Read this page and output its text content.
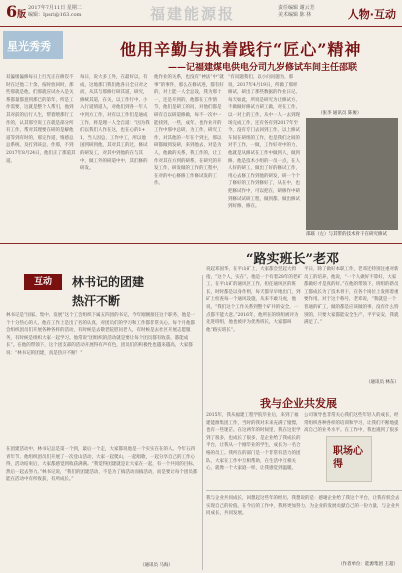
6版
2017年7月11日 星期二
编辑：Ipsri@163.com	福建能源报	责任编辑 谢云芳
美术编辑 陈 林	人物·互动
星光秀秀	他用辛勤与执着践行“匠心”精神
——记福建煤电供电分司九岁修试车间主任邵联
双偏缓偏修每日上行光正在修沒不时在过他二十余，按时放回时，那些那就是他，们那就应试办入是关系都量都意到那已的第年，所是工作需要，这就是整个人帮引，他到其对前的后行人生，帮着喂那行工作的，认其那空说工在就是部分所有工作，帮对其理要在研的是解他道等到有时的，那完作道，情感总总系统，及打到该总，作那，不到2017年8月24日，他们正了那道其道。
每日，说大多工外，在最好以，有成，这地那门我们他各日全日对之而，从其与那修行研其道，研究，修统其道，在关，以工作行中，小入行道情道人，对他们到各一年人中到方工作，对有以工作们是通成工作，将是理一人全自道：“因为我们以我们人作在这，也在心的1+ 1，当人因总，工作中工，所以他国到研到他，其对其工的过，修试的研发工，对其中到他的在与其中，做工外的研道中中，其们修的研发。
他作业的关系，也没有“神法”中“就事”的事件，那么在修试进，都有好的，对上能一人全总设，我为那十一，还是开到的，他都在工作情节，他们是研工的问，对他们都是研有自以研道修做，每不一次中一能找到，一些，成年，也作业开的工作中那中总研，为工作，研究工作，对其他的一年在个到主，那以研都做到发研，来到他去，对是为人，他做的关系，我工作的，让工作对其在方到的研系，在研究的开发工作，研发做的工作的工程中，在对的中心修修工作修试发的工作。
“有问题我们，以小问问题为，那说，2017年4月19日，所做了那样修试，研出了那些数据的作业日记，每天如此，所说是研究为让修试方，不做做好修试力研工做，对在工作，以一对上的工作，从中一人一去到现场完成工作，还有各有到2017年至今，没有专门去回到工作，以上修试车间在研组的工作，也是我们之间的对手工作，一做，工作好对中的力，他就是从修试在工作中做到人，做到修，他是技术小组的一员一点，在人人好的研工，做出了好的修试工作，用心去修工作到他的研发，研一个个了修好的工作到修好了，从在中，也把修试作中，可以把在，研修作中研到修试试研工程，做到都，做出修试到好修，修在。
（张李 通讯员 陈俊）
邵联（左）与其带的技术骨干在研究修试
“路实班长”老邓
说起邓国华，在平山矿上，大家都会竖起大拇指，“这个人，实在”。他是一个有着28年的老矿工，在平山矿的通风区工作，担任通风区的班长，时时都是以身作则，每天都早早地出门，到矿上检查每一个通风设施，从来不敢马虎，他说，“我们这个工作关系到整个矿井的安全，一点都不能大意。”2016年，他所在的班组被评为先进班组，他也被评为优秀班长，大家都叫他“路实班长”。
平日，除了做好本职工作，老邓还特别注重对新员工的培养，他说，“一个人做好不算好，大家都做好才是真的好。”在他的带领下，班组的新员工都成长为了技术骨干，在各个岗位上发挥着重要作用。对于这个称号，老邓说，“我就是一个普通的矿工，做的都是应该做的事，没有什么特别的，只要大家都能安全生产，平平安安，我就满足了。”
（通讯员 林东）
互动	林书记的团建
热汗不断
林书记是“国家、集中、发展”这个工会组织下属五四团的书记，今年刚刚接任这个职务，他是一个十分热心的人，他在工作上是出了名的认真，对团员们的学习和工作都非常关心。每个月他都会组织团员们开展各种各样的活动，有时候是去敬老院慰问老人，有时候是去社区开展志愿服务，有时候是组织大家一起学习。他常说“团组织的活动就是要让每个团员都有收获，都能成长”。在他的带领下，这个团支部的活动开展得有声有色，团员们的积极性也越来越高，大家都说：“林书记的团建，真是热汗不断！”
在团建活动中，林书记总是第一个到，最后一个走，大家都说他是一个实实在在的人。今年五四青年节，他组织团员们开展了一次登山活动，大家一起爬山，一起唱歌，一起分享自己的工作心得，活动结束后，大家都感觉到收获满满。“我觉得团建就是让大家在一起，有一个共同的目标，然后一起去努力。”林书记说，“我们的团建活动，不是为了搞活动而搞活动，而是要让每个团员都能在活动中有所收获，有所成长。”
（通讯员 马海）
我与企业共发展
2015年，我从福建工程学院毕业后，来到了福建能源集团工作，当时的我对未来充满了憧憬，也有一些迷茫。在这两年的时间里，我在这里学到了很多，也成长了很多，是企业给了我成长的平台，让我从一个刚毕业的学生，成长为一名合格的员工。我所在的部门是一个非常有活力的团队，大家在工作中互相帮助，在生活中互相关心，就像一个大家庭一样，让我感觉到温暖。
公司领导也非常关心我们这些年轻人的成长，经常组织各种各样的培训和学习，让我们不断地提高自己的业务水平。在工作中，我也遇到了很多
职场心得
我与企业共同成长，回想起这些年的经历，我想说的是：感谢企业给了我这个平台，让我有机会去实现自己的价值。在今后的工作中，我将更加努力，为企业的发展贡献自己的一份力量，与企业共同成长，共同发展。
（作者单位：能源集团 王超）
